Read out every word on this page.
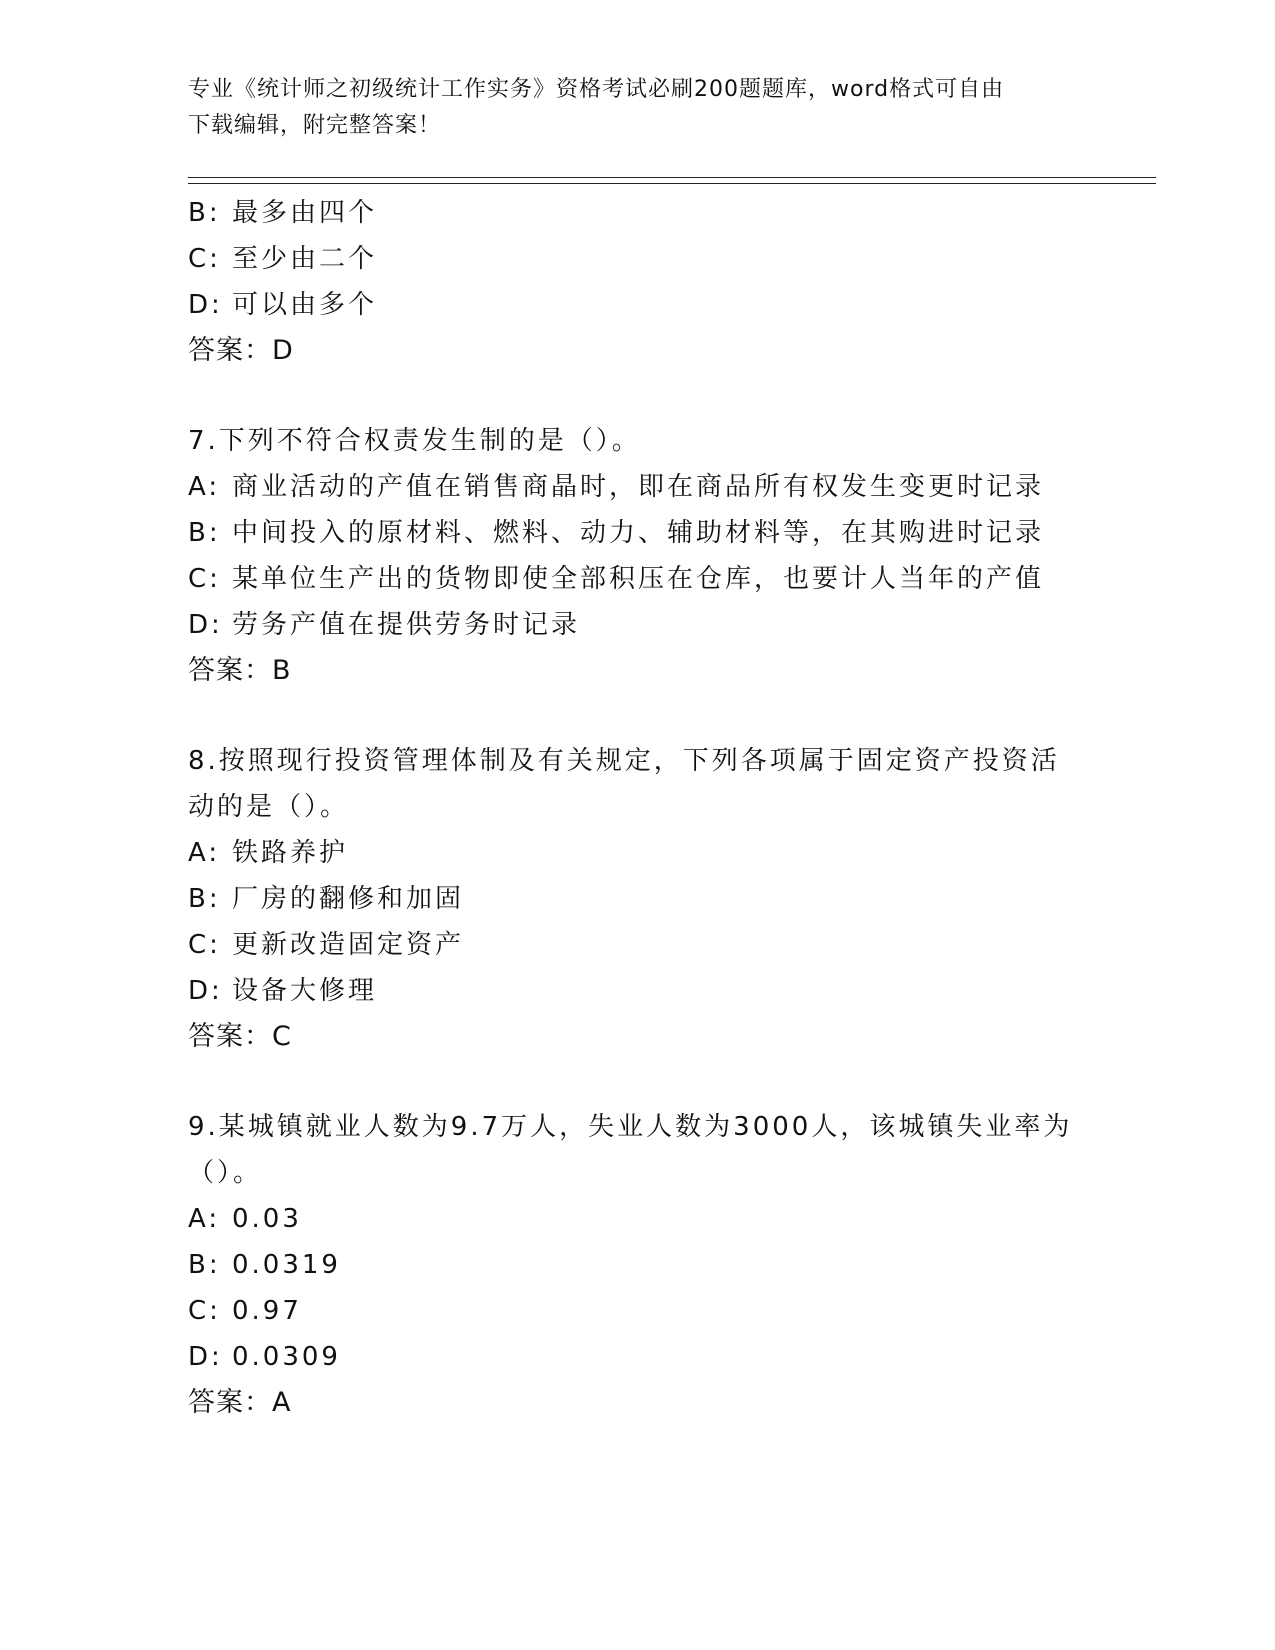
专业《统计师之初级统计工作实务》资格考试必刷200题题库，word格式可自由
下载编辑，附完整答案！
B: 最多由四个
C: 至少由二个
D: 可以由多个
答案：D
7.下列不符合权责发生制的是（）。
A: 商业活动的产值在销售商晶时，即在商品所有权发生变更时记录
B: 中间投入的原材料、燃料、动力、辅助材料等，在其购进时记录
C: 某单位生产出的货物即使全部积压在仓库，也要计人当年的产值
D: 劳务产值在提供劳务时记录
答案：B
8.按照现行投资管理体制及有关规定，下列各项属于固定资产投资活
动的是（）。
A: 铁路养护
B: 厂房的翻修和加固
C: 更新改造固定资产
D: 设备大修理
答案：C
9.某城镇就业人数为9.7万人，失业人数为3000人，该城镇失业率为
（）。
A: 0.03
B: 0.0319
C: 0.97
D: 0.0309
答案：A
